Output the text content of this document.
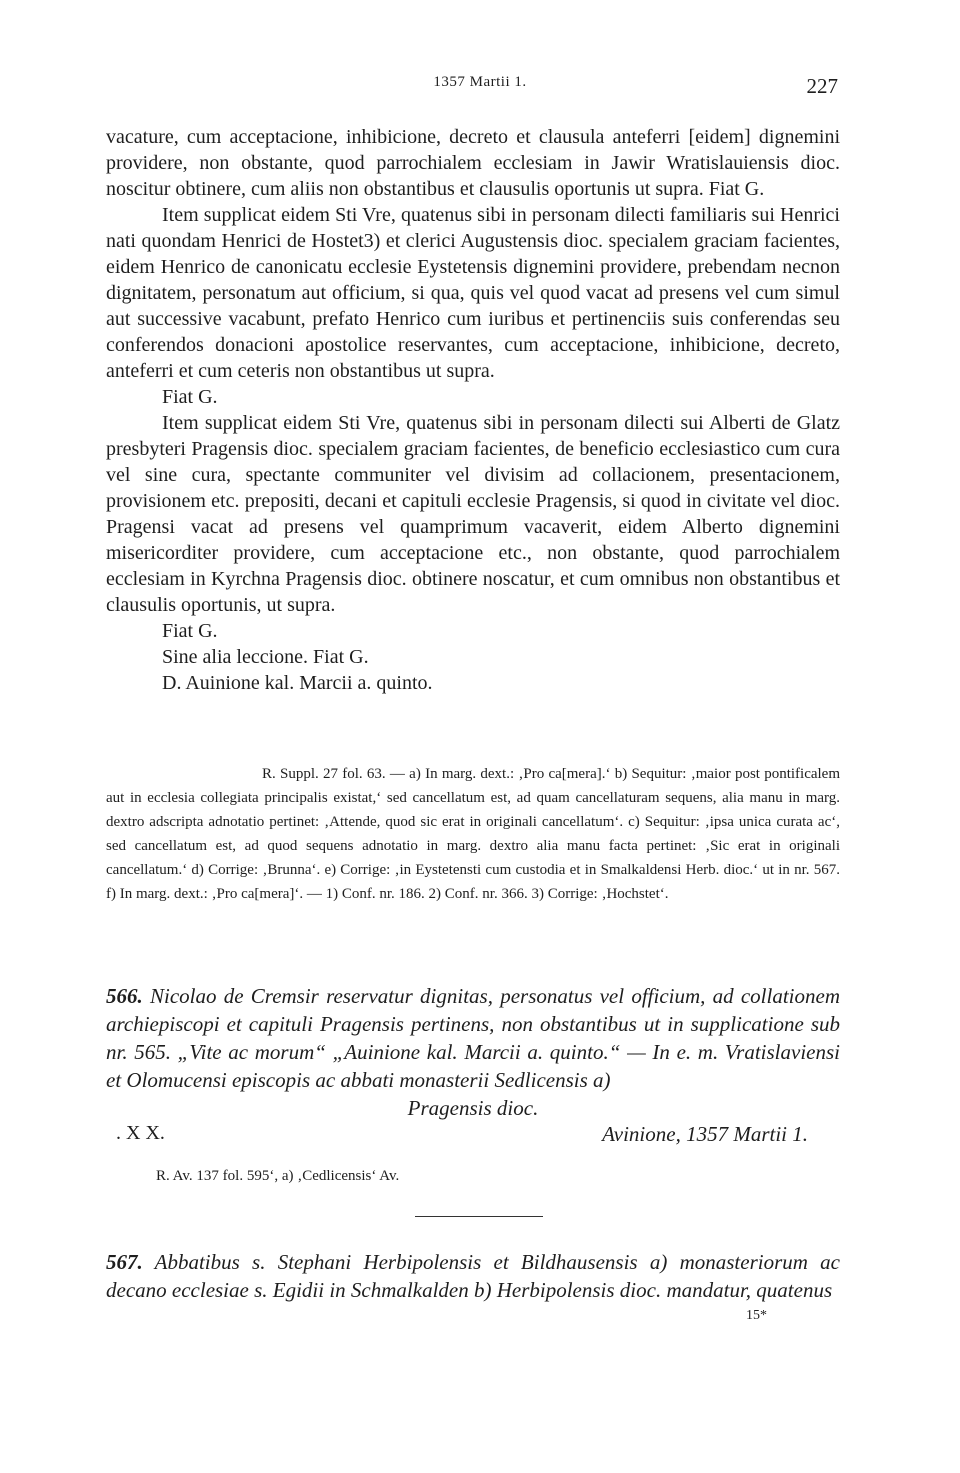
1357 Martii 1.	227

vacature, cum acceptacione, inhibicione, decreto et clausula anteferri [eidem] dignemini providere, non obstante, quod parrochialem ecclesiam in Jawir Wratislauiensis dioc. noscitur obtinere, cum aliis non obstantibus et clausulis oportunis ut supra. Fiat G.

Item supplicat eidem Sti Vre, quatenus sibi in personam dilecti familiaris sui Henrici nati quondam Henrici de Hostet3) et clerici Augustensis dioc. specialem graciam facientes, eidem Henrico de canonicatu ecclesie Eystetensis dignemini providere, prebendam necnon dignitatem, personatum aut officium, si qua, quis vel quod vacat ad presens vel cum simul aut successive vacabunt, prefato Henrico cum iuribus et pertinenciis suis conferendas seu conferendos donacioni apostolice reservantes, cum acceptacione, inhibicione, decreto, anteferri et cum ceteris non obstantibus ut supra.

Fiat G.

Item supplicat eidem Sti Vre, quatenus sibi in personam dilecti sui Alberti de Glatz presbyteri Pragensis dioc. specialem graciam facientes, de beneficio ecclesiastico cum cura vel sine cura, spectante communiter vel divisim ad collacionem, presentacionem, provisionem etc. prepositi, decani et capituli ecclesie Pragensis, si quod in civitate vel dioc. Pragensi vacat ad presens vel quamprimum vacaverit, eidem Alberto dignemini misericorditer providere, cum acceptacione etc., non obstante, quod parrochialem ecclesiam in Kyrchna Pragensis dioc. obtinere noscatur, et cum omnibus non obstantibus et clausulis oportunis, ut supra.

Fiat G.

Sine alia leccione. Fiat G.

D. Auinione kal. Marcii a. quinto.

R. Suppl. 27 fol. 63. — a) In marg. dext.: ‚Pro ca[mera].‘ b) Sequitur: ‚maior post pontificalem aut in ecclesia collegiata principalis existat,‘ sed cancellatum est, ad quam cancellaturam sequens, alia manu in marg. dextro adscripta adnotatio pertinet: ‚Attende, quod sic erat in originali cancellatum‘. c) Sequitur: ‚ipsa unica curata ac‘, sed cancellatum est, ad quod sequens adnotatio in marg. dextro alia manu facta pertinet: ‚Sic erat in originali cancellatum.‘ d) Corrige: ‚Brunna‘. e) Corrige: ‚in Eystetensti cum custodia et in Smalkaldensi Herb. dioc.‘ ut in nr. 567. f) In marg. dext.: ‚Pro ca[mera]‘. — 1) Conf. nr. 186. 2) Conf. nr. 366. 3) Corrige: ‚Hochstet‘.

566. Nicolao de Cremsir reservatur dignitas, personatus vel officium, ad collationem archiepiscopi et capituli Pragensis pertinens, non obstantibus ut in supplicatione sub nr. 565. „Vite ac morum“ „Auinione kal. Marcii a. quinto.“ — In e. m. Vratislaviensi et Olomucensi episcopis ac abbati monasterii Sedlicensis a)

Pragensis dioc.

. X X.	Avinione, 1357 Martii 1.

R. Av. 137 fol. 595‘, a) ‚Cedlicensis‘ Av.

567. Abbatibus s. Stephani Herbipolensis et Bildhausensis a) monasteriorum ac decano ecclesiae s. Egidii in Schmalkalden b) Herbipolensis dioc. mandatur, quatenus

15*
